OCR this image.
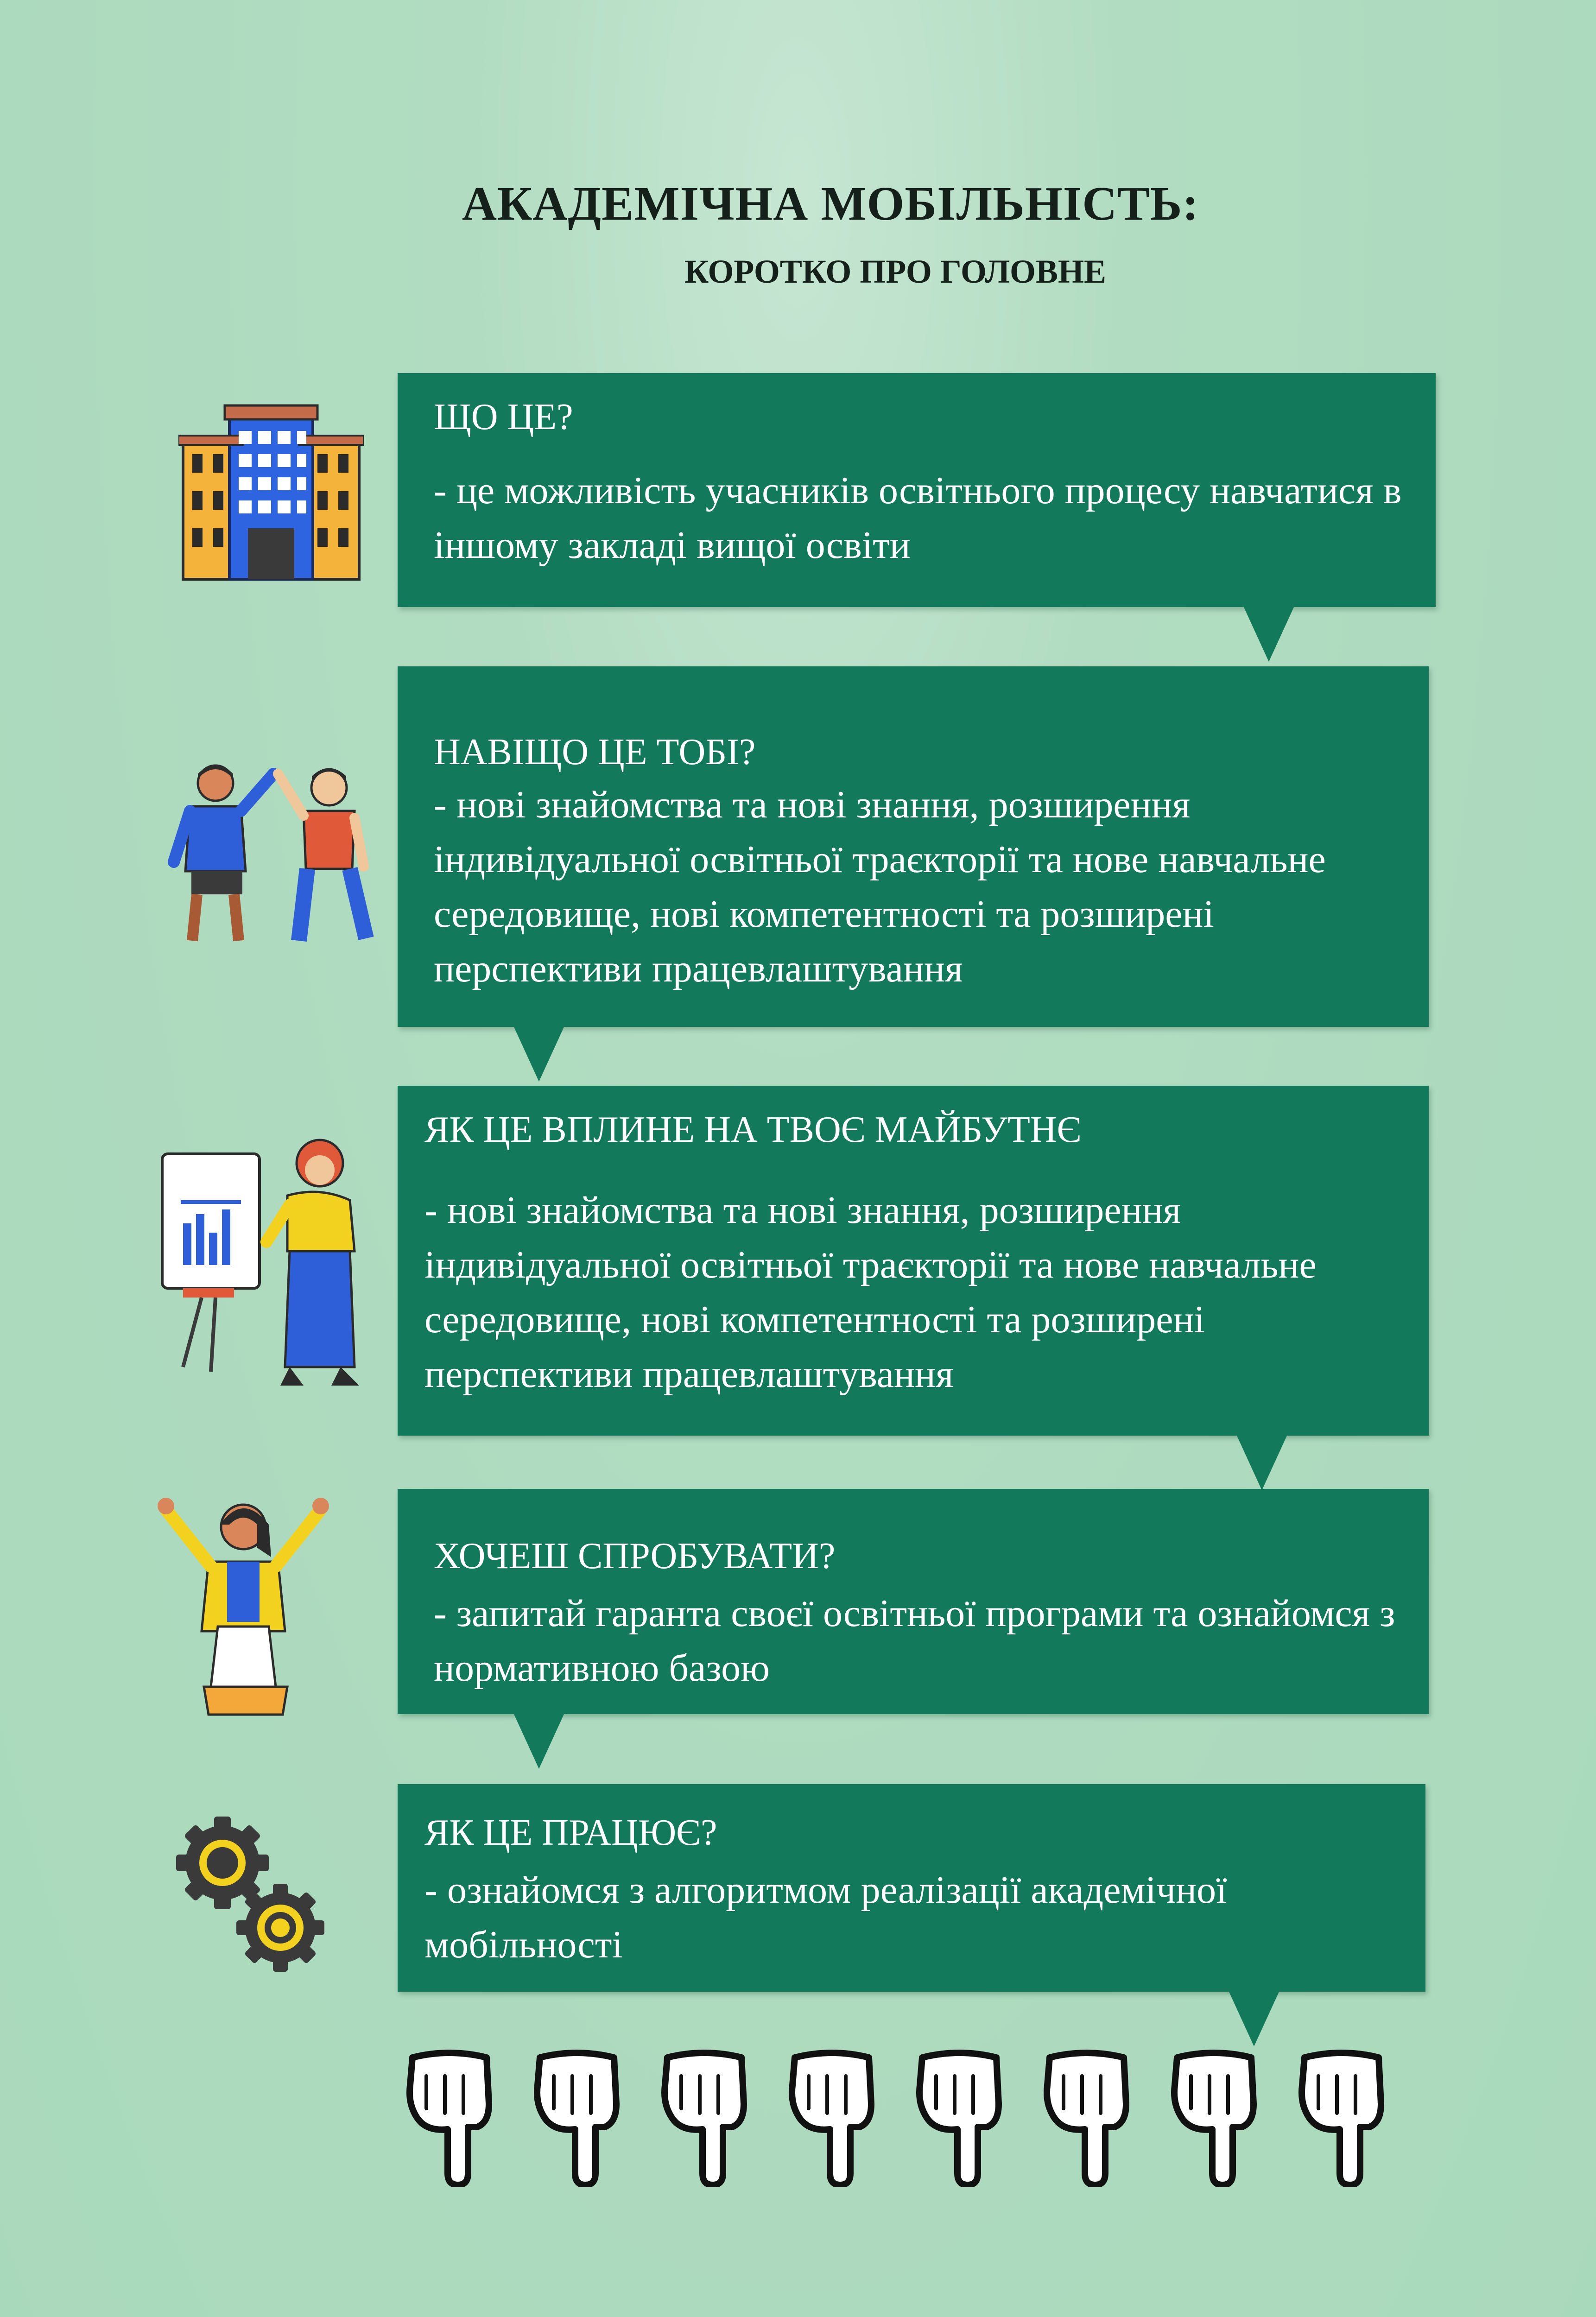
АКАДЕМІЧНА МОБІЛЬНІСТЬ:
КОРОТКО ПРО ГОЛОВНЕ
ЩО ЦЕ?

- це можливість учасників освітнього процесу навчатися в іншому закладі вищої освіти

НАВІЩО ЦЕ ТОБІ?

- нові знайомства та нові знання, розширення індивідуальної освітньої траєкторії та нове навчальне середовище, нові компетентності та розширені перспективи працевлаштування

ЯК ЦЕ ВПЛИНЕ НА ТВОЄ МАЙБУТНЄ

- нові знайомства та нові знання, розширення індивідуальної освітньої траєкторії та нове навчальне середовище, нові компетентності та розширені перспективи працевлаштування

ХОЧЕШ СПРОБУВАТИ?

- запитай гаранта своєї освітньої програми та ознайомся з нормативною базою

ЯК ЦЕ ПРАЦЮЄ?

- ознайомся з алгоритмом реалізації академічної мобільності
